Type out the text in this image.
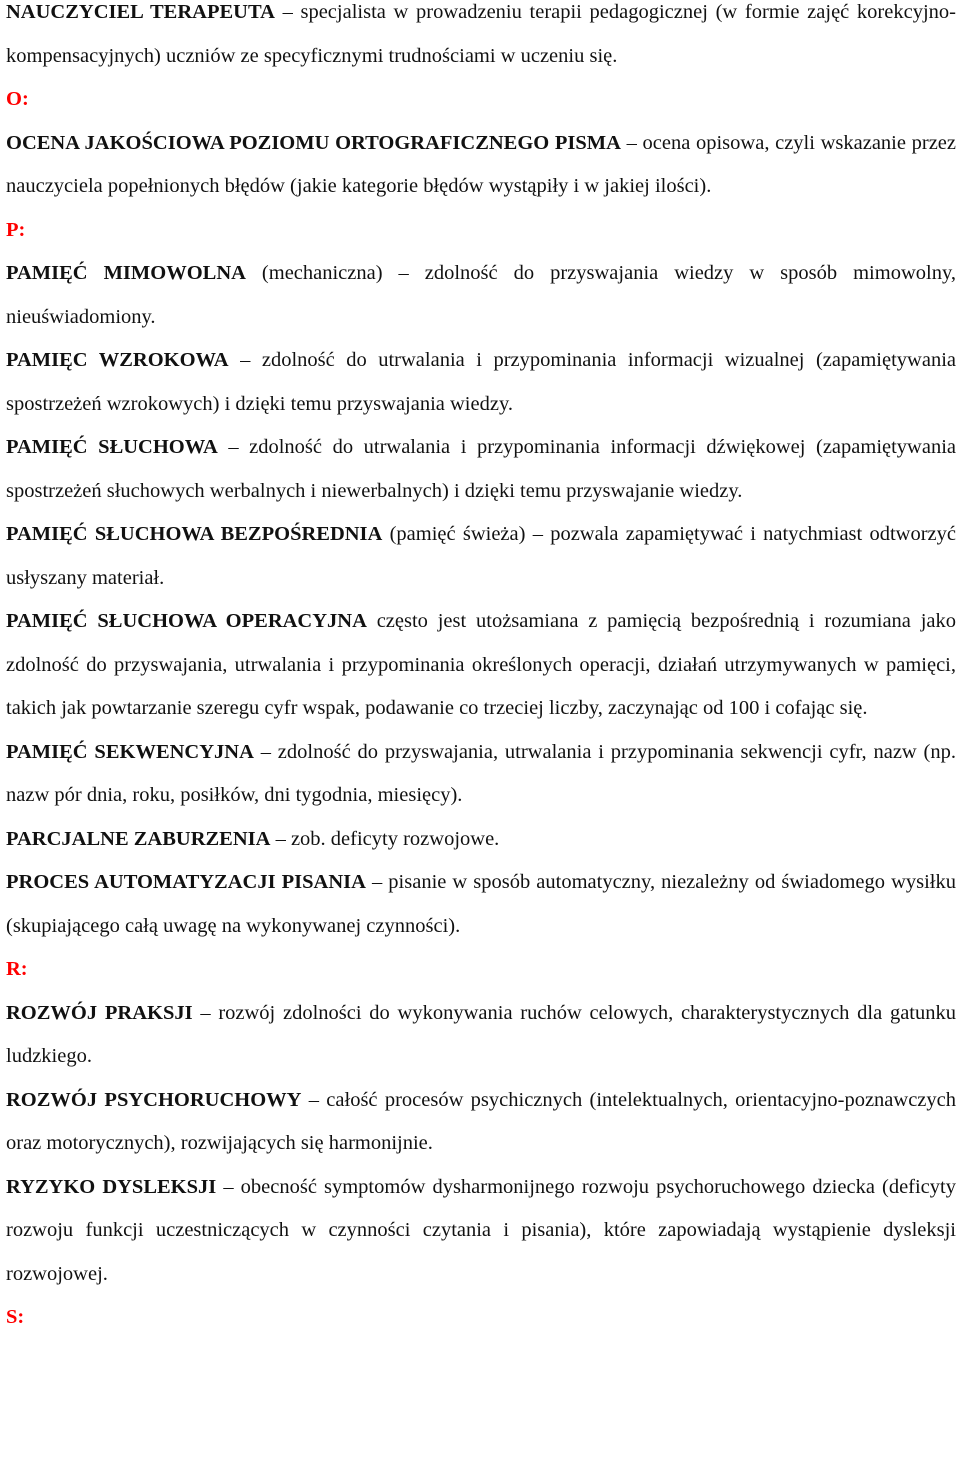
NAUCZYCIEL TERAPEUTA – specjalista w prowadzeniu terapii pedagogicznej (w formie zajęć korekcyjno-kompensacyjnych) uczniów ze specyficznymi trudnościami w uczeniu się.
O:
OCENA JAKOŚCIOWA POZIOMU ORTOGRAFICZNEGO PISMA – ocena opisowa, czyli wskazanie przez nauczyciela popełnionych błędów (jakie kategorie błędów wystąpiły i w jakiej ilości).
P:
PAMIĘĆ MIMOWOLNA (mechaniczna) – zdolność do przyswajania wiedzy w sposób mimowolny, nieuświadomiony.
PAMIĘC WZROKOWA – zdolność do utrwalania i przypominania informacji wizualnej (zapamiętywania spostrzeżeń wzrokowych) i dzięki temu przyswajania wiedzy.
PAMIĘĆ SŁUCHOWA – zdolność do utrwalania i przypominania informacji dźwiękowej (zapamiętywania spostrzeżeń słuchowych werbalnych i niewerbalnych) i dzięki temu przyswajanie wiedzy.
PAMIĘĆ SŁUCHOWA BEZPOŚREDNIA (pamięć świeża) – pozwala zapamiętywać i natychmiast odtworzyć usłyszany materiał.
PAMIĘĆ SŁUCHOWA OPERACYJNA często jest utożsamiana z pamięcią bezpośrednią i rozumiana jako zdolność do przyswajania, utrwalania i przypominania określonych operacji, działań utrzymywanych w pamięci, takich jak powtarzanie szeregu cyfr wspak, podawanie co trzeciej liczby, zaczynając od 100 i cofając się.
PAMIĘĆ SEKWENCYJNA – zdolność do przyswajania, utrwalania i przypominania sekwencji cyfr, nazw (np. nazw pór dnia, roku, posiłków, dni tygodnia, miesięcy).
PARCJALNE ZABURZENIA – zob. deficyty rozwojowe.
PROCES AUTOMATYZACJI PISANIA – pisanie w sposób automatyczny, niezależny od świadomego wysiłku (skupiającego całą uwagę na wykonywanej czynności).
R:
ROZWÓJ PRAKSJI – rozwój zdolności do wykonywania ruchów celowych, charakterystycznych dla gatunku ludzkiego.
ROZWÓJ PSYCHORUCHOWY – całość procesów psychicznych (intelektualnych, orientacyjno-poznawczych oraz motorycznych), rozwijających się harmonijnie.
RYZYKO DYSLEKSJI – obecność symptomów dysharmonijnego rozwoju psychoruchowego dziecka (deficyty rozwoju funkcji uczestniczących w czynności czytania i pisania), które zapowiadają wystąpienie dysleksji rozwojowej.
S:
